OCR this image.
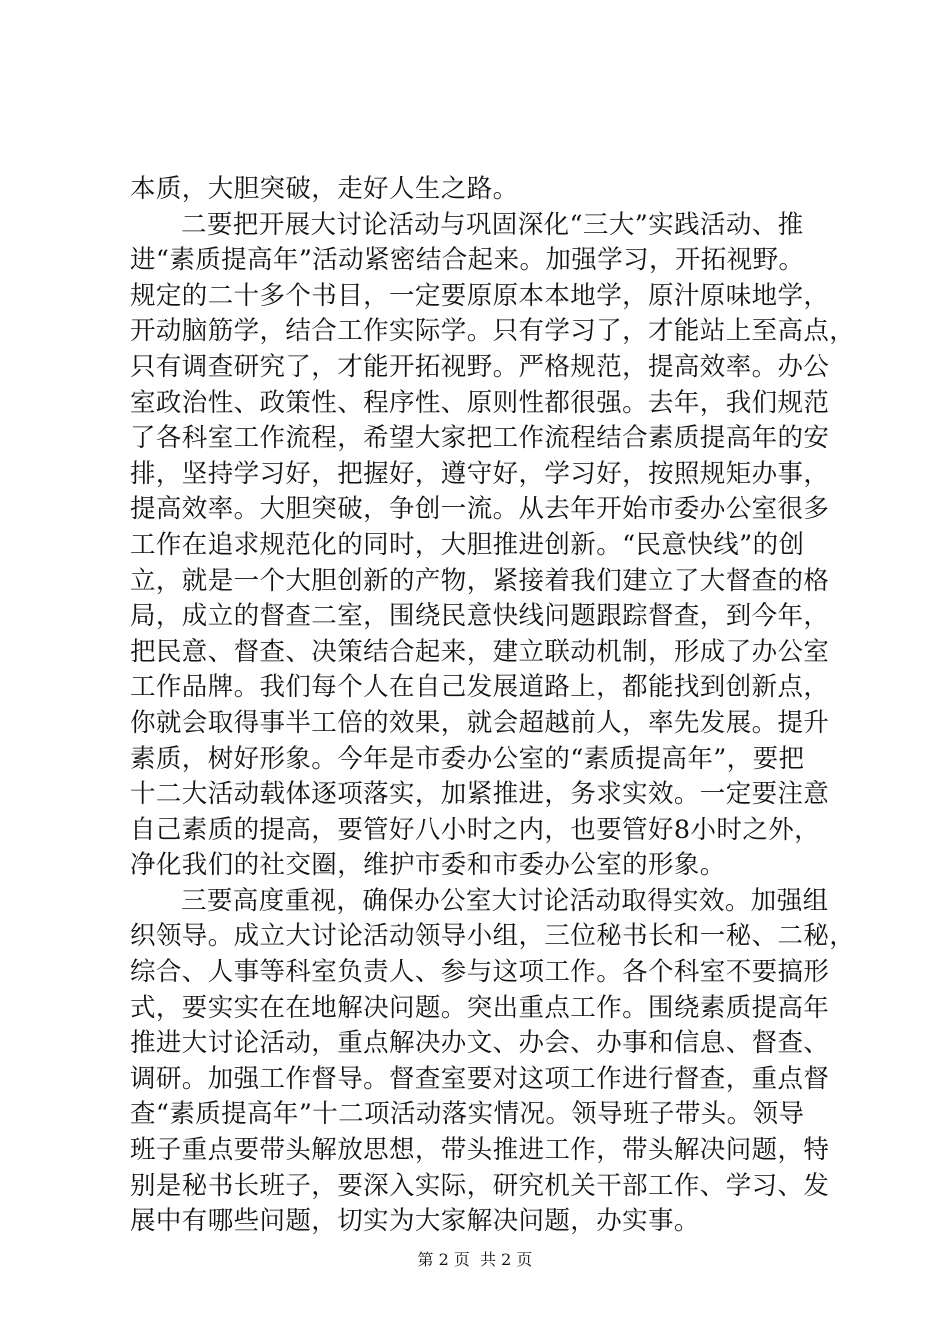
本质，大胆突破，走好人生之路。
二要把开展大讨论活动与巩固深化“三大”实践活动、推
进“素质提高年”活动紧密结合起来。加强学习，开拓视野。
规定的二十多个书目，一定要原原本本地学，原汁原味地学，
开动脑筋学，结合工作实际学。只有学习了，才能站上至高点，
只有调查研究了，才能开拓视野。严格规范，提高效率。办公
室政治性、政策性、程序性、原则性都很强。去年，我们规范
了各科室工作流程，希望大家把工作流程结合素质提高年的安
排，坚持学习好，把握好，遵守好，学习好，按照规矩办事，
提高效率。大胆突破，争创一流。从去年开始市委办公室很多
工作在追求规范化的同时，大胆推进创新。“民意快线”的创
立，就是一个大胆创新的产物，紧接着我们建立了大督查的格
局，成立的督查二室，围绕民意快线问题跟踪督查，到今年，
把民意、督查、决策结合起来，建立联动机制，形成了办公室
工作品牌。我们每个人在自己发展道路上，都能找到创新点，
你就会取得事半工倍的效果，就会超越前人，率先发展。提升
素质，树好形象。今年是市委办公室的“素质提高年”，要把
十二大活动载体逐项落实，加紧推进，务求实效。一定要注意
自己素质的提高，要管好八小时之内，也要管好8小时之外，
净化我们的社交圈，维护市委和市委办公室的形象。
三要高度重视，确保办公室大讨论活动取得实效。加强组
织领导。成立大讨论活动领导小组，三位秘书长和一秘、二秘，
综合、人事等科室负责人、参与这项工作。各个科室不要搞形
式，要实实在在地解决问题。突出重点工作。围绕素质提高年
推进大讨论活动，重点解决办文、办会、办事和信息、督查、
调研。加强工作督导。督查室要对这项工作进行督查，重点督
查“素质提高年”十二项活动落实情况。领导班子带头。领导
班子重点要带头解放思想，带头推进工作，带头解决问题，特
别是秘书长班子，要深入实际，研究机关干部工作、学习、发
展中有哪些问题，切实为大家解决问题，办实事。
第 2 页  共 2 页
